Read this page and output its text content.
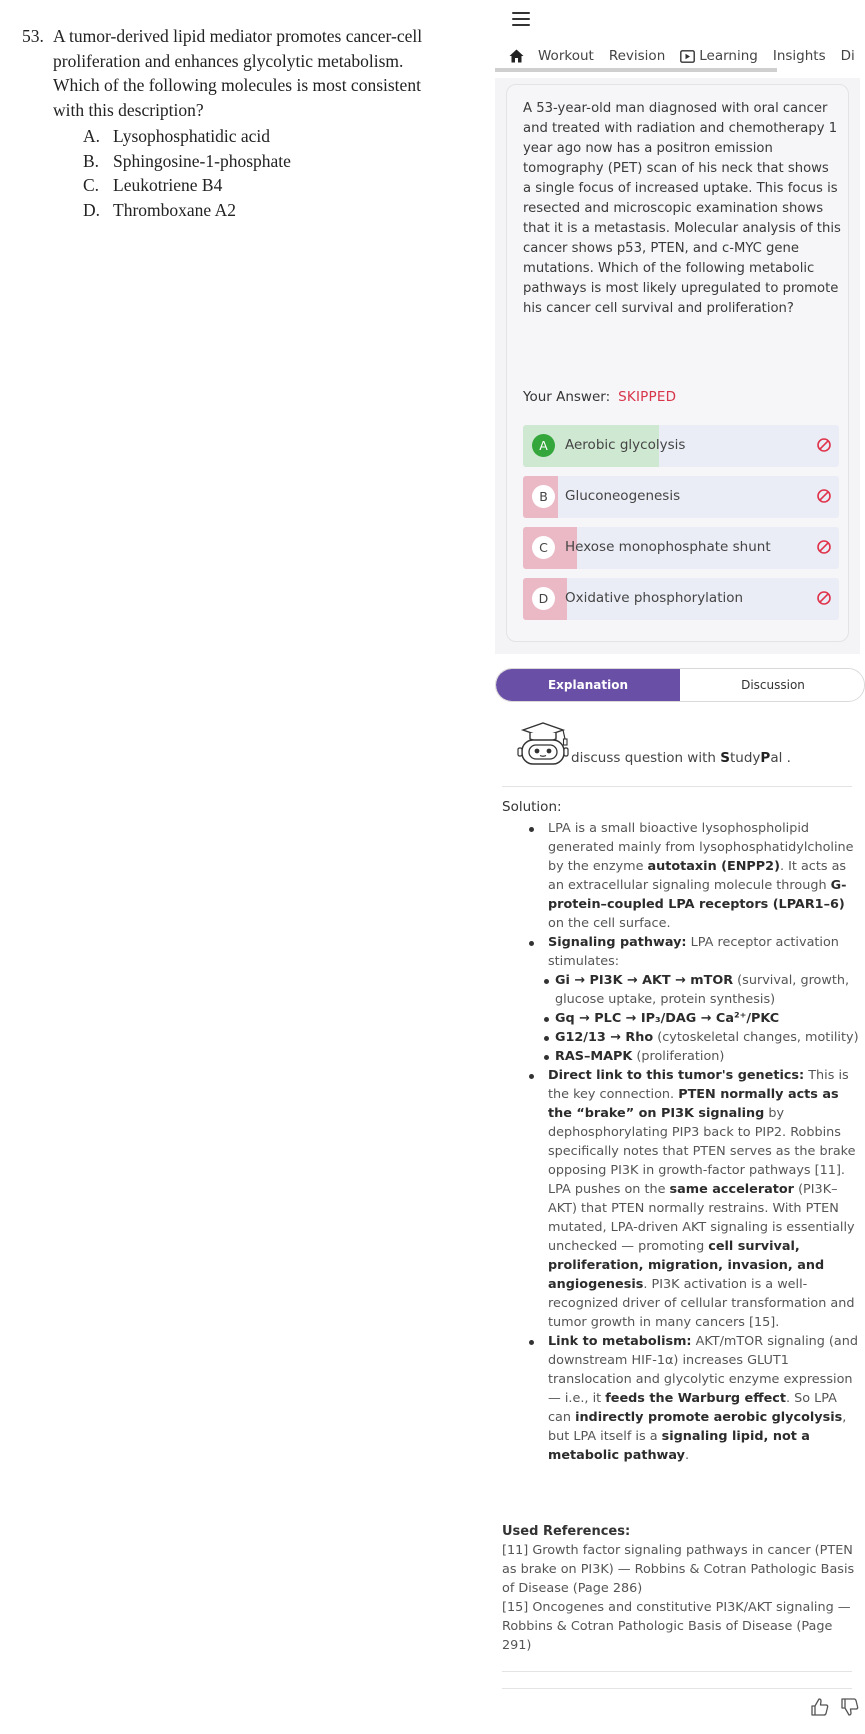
53. A tumor-derived lipid mediator promotes cancer-cell proliferation and enhances glycolytic metabolism. Which of the following molecules is most consistent with this description?
A. Lysophosphatidic acid
B. Sphingosine-1-phosphate
C. Leukotriene B4
D. Thromboxane A2
Workout Revision	Learning Insights Di
A 53-year-old man diagnosed with oral cancer and treated with radiation and chemotherapy 1 year ago now has a positron emission tomography (PET) scan of his neck that shows a single focus of increased uptake. This focus is resected and microscopic examination shows that it is a metastasis. Molecular analysis of this cancer shows p53, PTEN, and c-MYC gene mutations. Which of the following metabolic pathways is most likely upregulated to promote his cancer cell survival and proliferation?
Your Answer: SKIPPED
A	Aerobic glycolysis
B	Gluconeogenesis
C	Hexose monophosphate shunt
D	Oxidative phosphorylation
Explanation	Discussion
discuss question with StudyPal .
Solution:
LPA is a small bioactive lysophospholipid generated mainly from lysophosphatidylcholine by the enzyme autotaxin (ENPP2). It acts as an extracellular signaling molecule through G-protein–coupled LPA receptors (LPAR1–6) on the cell surface.
Signaling pathway: LPA receptor activation stimulates:
Gi → PI3K → AKT → mTOR (survival, growth, glucose uptake, protein synthesis)
Gq → PLC → IP₃/DAG → Ca²⁺/PKC
G12/13 → Rho (cytoskeletal changes, motility)
RAS–MAPK (proliferation)
Direct link to this tumor's genetics: This is the key connection. PTEN normally acts as the “brake” on PI3K signaling by dephosphorylating PIP3 back to PIP2. Robbins specifically notes that PTEN serves as the brake opposing PI3K in growth-factor pathways [11]. LPA pushes on the same accelerator (PI3K–AKT) that PTEN normally restrains. With PTEN mutated, LPA-driven AKT signaling is essentially unchecked — promoting cell survival, proliferation, migration, invasion, and angiogenesis. PI3K activation is a well-recognized driver of cellular transformation and tumor growth in many cancers [15].
Link to metabolism: AKT/mTOR signaling (and downstream HIF-1α) increases GLUT1 translocation and glycolytic enzyme expression — i.e., it feeds the Warburg effect. So LPA can indirectly promote aerobic glycolysis, but LPA itself is a signaling lipid, not a metabolic pathway.
Used References:
[11] Growth factor signaling pathways in cancer (PTEN as brake on PI3K) — Robbins & Cotran Pathologic Basis of Disease (Page 286)
[15] Oncogenes and constitutive PI3K/AKT signaling — Robbins & Cotran Pathologic Basis of Disease (Page 291)
